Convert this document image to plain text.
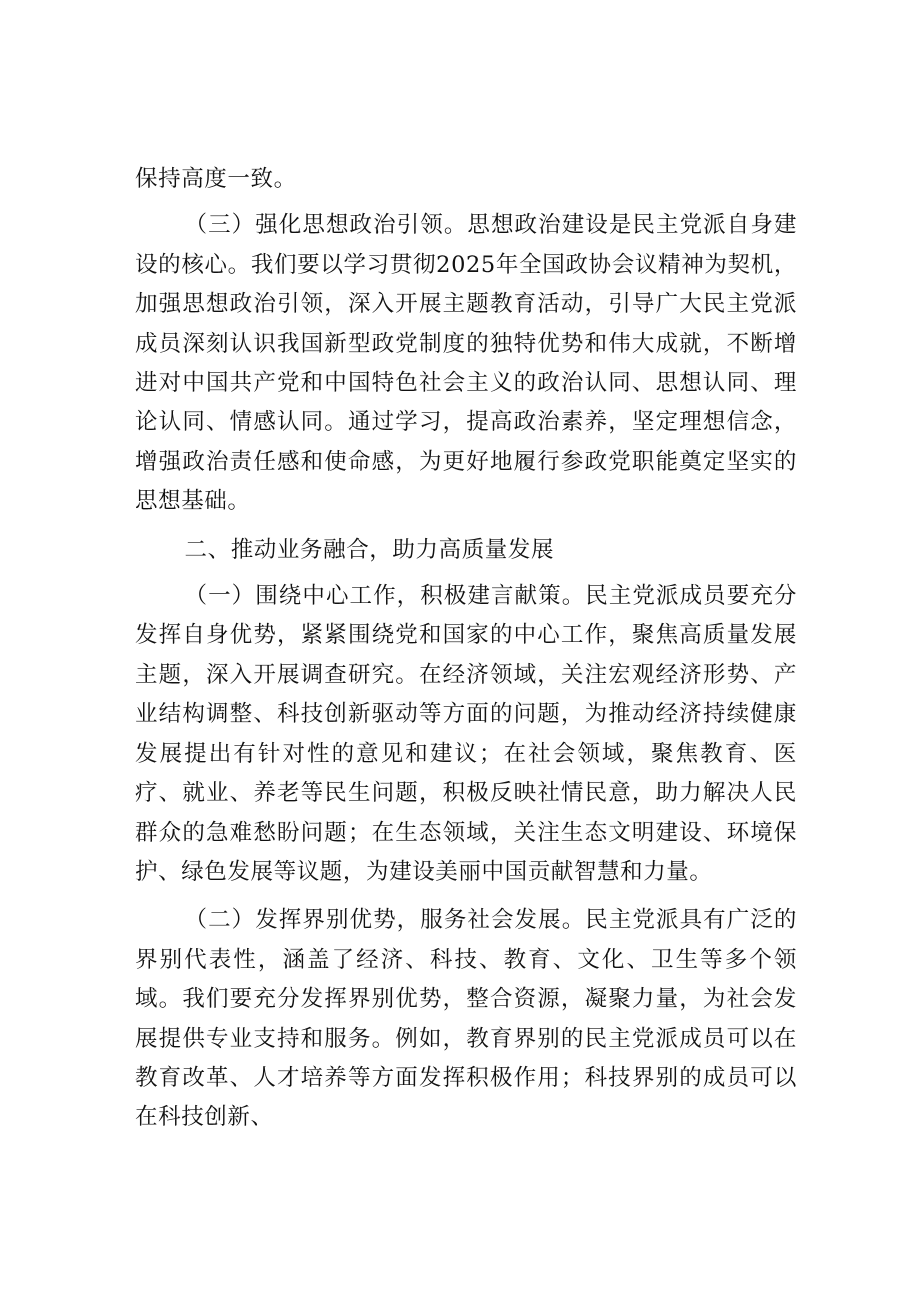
保持高度一致。

（三）强化思想政治引领。思想政治建设是民主党派自身建设的核心。我们要以学习贯彻2025年全国政协会议精神为契机，加强思想政治引领，深入开展主题教育活动，引导广大民主党派成员深刻认识我国新型政党制度的独特优势和伟大成就，不断增进对中国共产党和中国特色社会主义的政治认同、思想认同、理论认同、情感认同。通过学习，提高政治素养，坚定理想信念，增强政治责任感和使命感，为更好地履行参政党职能奠定坚实的思想基础。

二、推动业务融合，助力高质量发展

（一）围绕中心工作，积极建言献策。民主党派成员要充分发挥自身优势，紧紧围绕党和国家的中心工作，聚焦高质量发展主题，深入开展调查研究。在经济领域，关注宏观经济形势、产业结构调整、科技创新驱动等方面的问题，为推动经济持续健康发展提出有针对性的意见和建议；在社会领域，聚焦教育、医疗、就业、养老等民生问题，积极反映社情民意，助力解决人民群众的急难愁盼问题；在生态领域，关注生态文明建设、环境保护、绿色发展等议题，为建设美丽中国贡献智慧和力量。

（二）发挥界别优势，服务社会发展。民主党派具有广泛的界别代表性，涵盖了经济、科技、教育、文化、卫生等多个领域。我们要充分发挥界别优势，整合资源，凝聚力量，为社会发展提供专业支持和服务。例如，教育界别的民主党派成员可以在教育改革、人才培养等方面发挥积极作用；科技界别的成员可以在科技创新、
